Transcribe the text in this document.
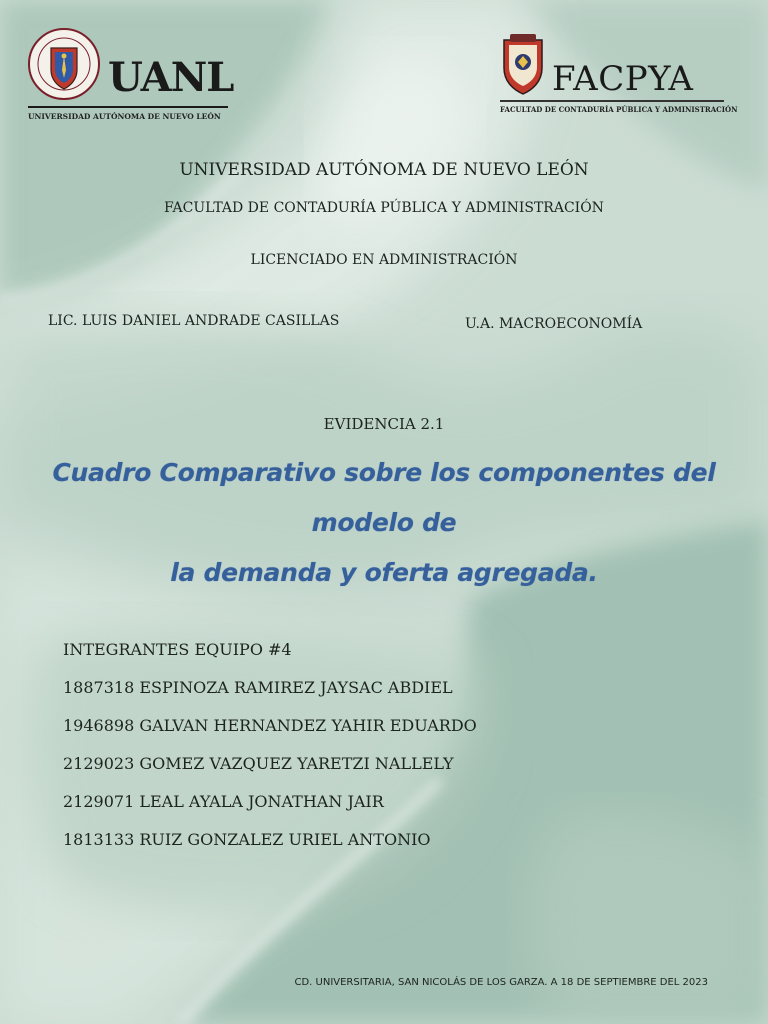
UANL
UNIVERSIDAD AUTÓNOMA DE NUEVO LEÓN
FACPYA
FACULTAD DE CONTADURÍA PÚBLICA Y ADMINISTRACIÓN
UNIVERSIDAD AUTÓNOMA DE NUEVO LEÓN
FACULTAD DE CONTADURÍA PÚBLICA Y ADMINISTRACIÓN
LICENCIADO EN ADMINISTRACIÓN
LIC. LUIS DANIEL ANDRADE CASILLAS	U.A. MACROECONOMÍA
EVIDENCIA 2.1
Cuadro Comparativo sobre los componentes del modelo de
la demanda y oferta agregada.
INTEGRANTES EQUIPO #4
1887318 ESPINOZA RAMIREZ JAYSAC ABDIEL
1946898 GALVAN HERNANDEZ YAHIR EDUARDO
2129023 GOMEZ VAZQUEZ YARETZI NALLELY
2129071 LEAL AYALA JONATHAN JAIR
1813133 RUIZ GONZALEZ URIEL ANTONIO
CD. UNIVERSITARIA, SAN NICOLÁS DE LOS GARZA. A 18 DE SEPTIEMBRE DEL 2023
